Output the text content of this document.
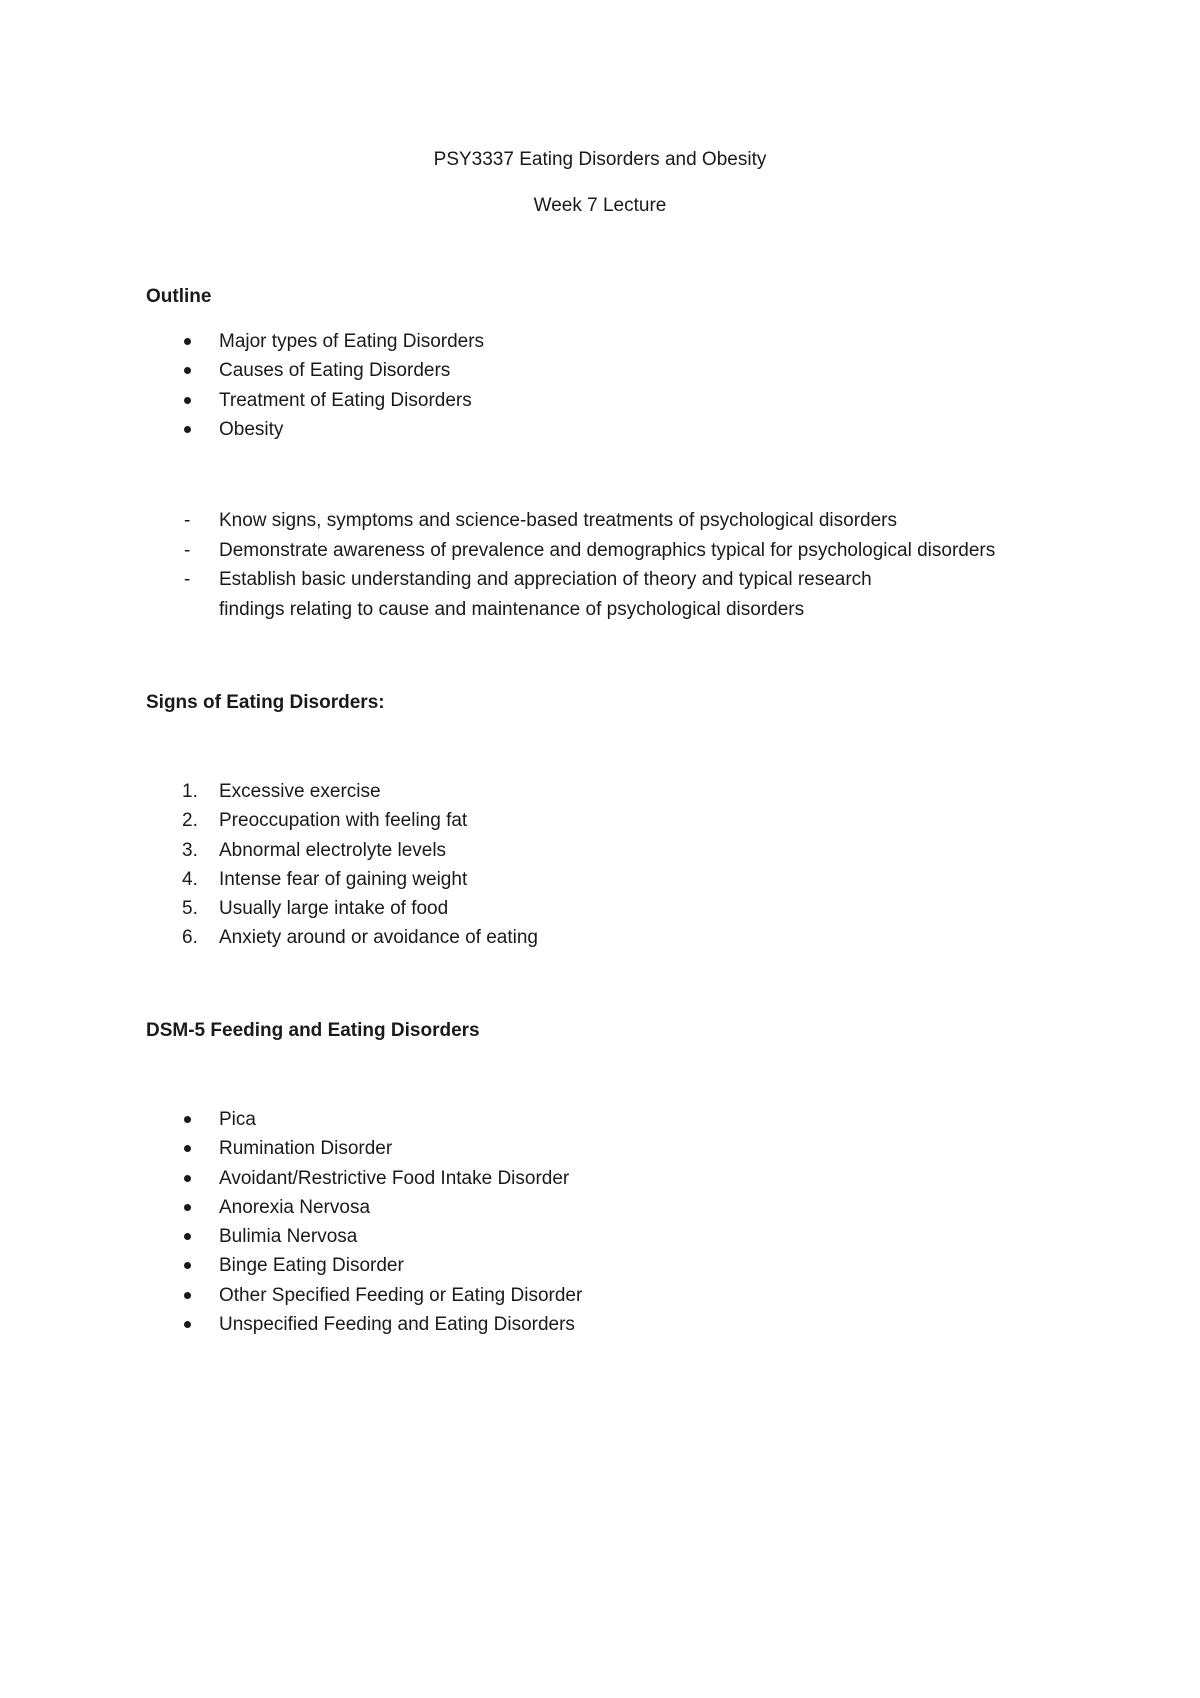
PSY3337 Eating Disorders and Obesity
Week 7 Lecture
Outline
Major types of Eating Disorders
Causes of Eating Disorders
Treatment of Eating Disorders
Obesity
-	Know signs, symptoms and science-based treatments of psychological disorders
-	Demonstrate awareness of prevalence and demographics typical for psychological disorders
-	Establish basic understanding and appreciation of theory and typical research findings relating to cause and maintenance of psychological disorders
Signs of Eating Disorders:
1.	Excessive exercise
2.	Preoccupation with feeling fat
3.	Abnormal electrolyte levels
4.	Intense fear of gaining weight
5.	Usually large intake of food
6.	Anxiety around or avoidance of eating
DSM-5 Feeding and Eating Disorders
Pica
Rumination Disorder
Avoidant/Restrictive Food Intake Disorder
Anorexia Nervosa
Bulimia Nervosa
Binge Eating Disorder
Other Specified Feeding or Eating Disorder
Unspecified Feeding and Eating Disorders
